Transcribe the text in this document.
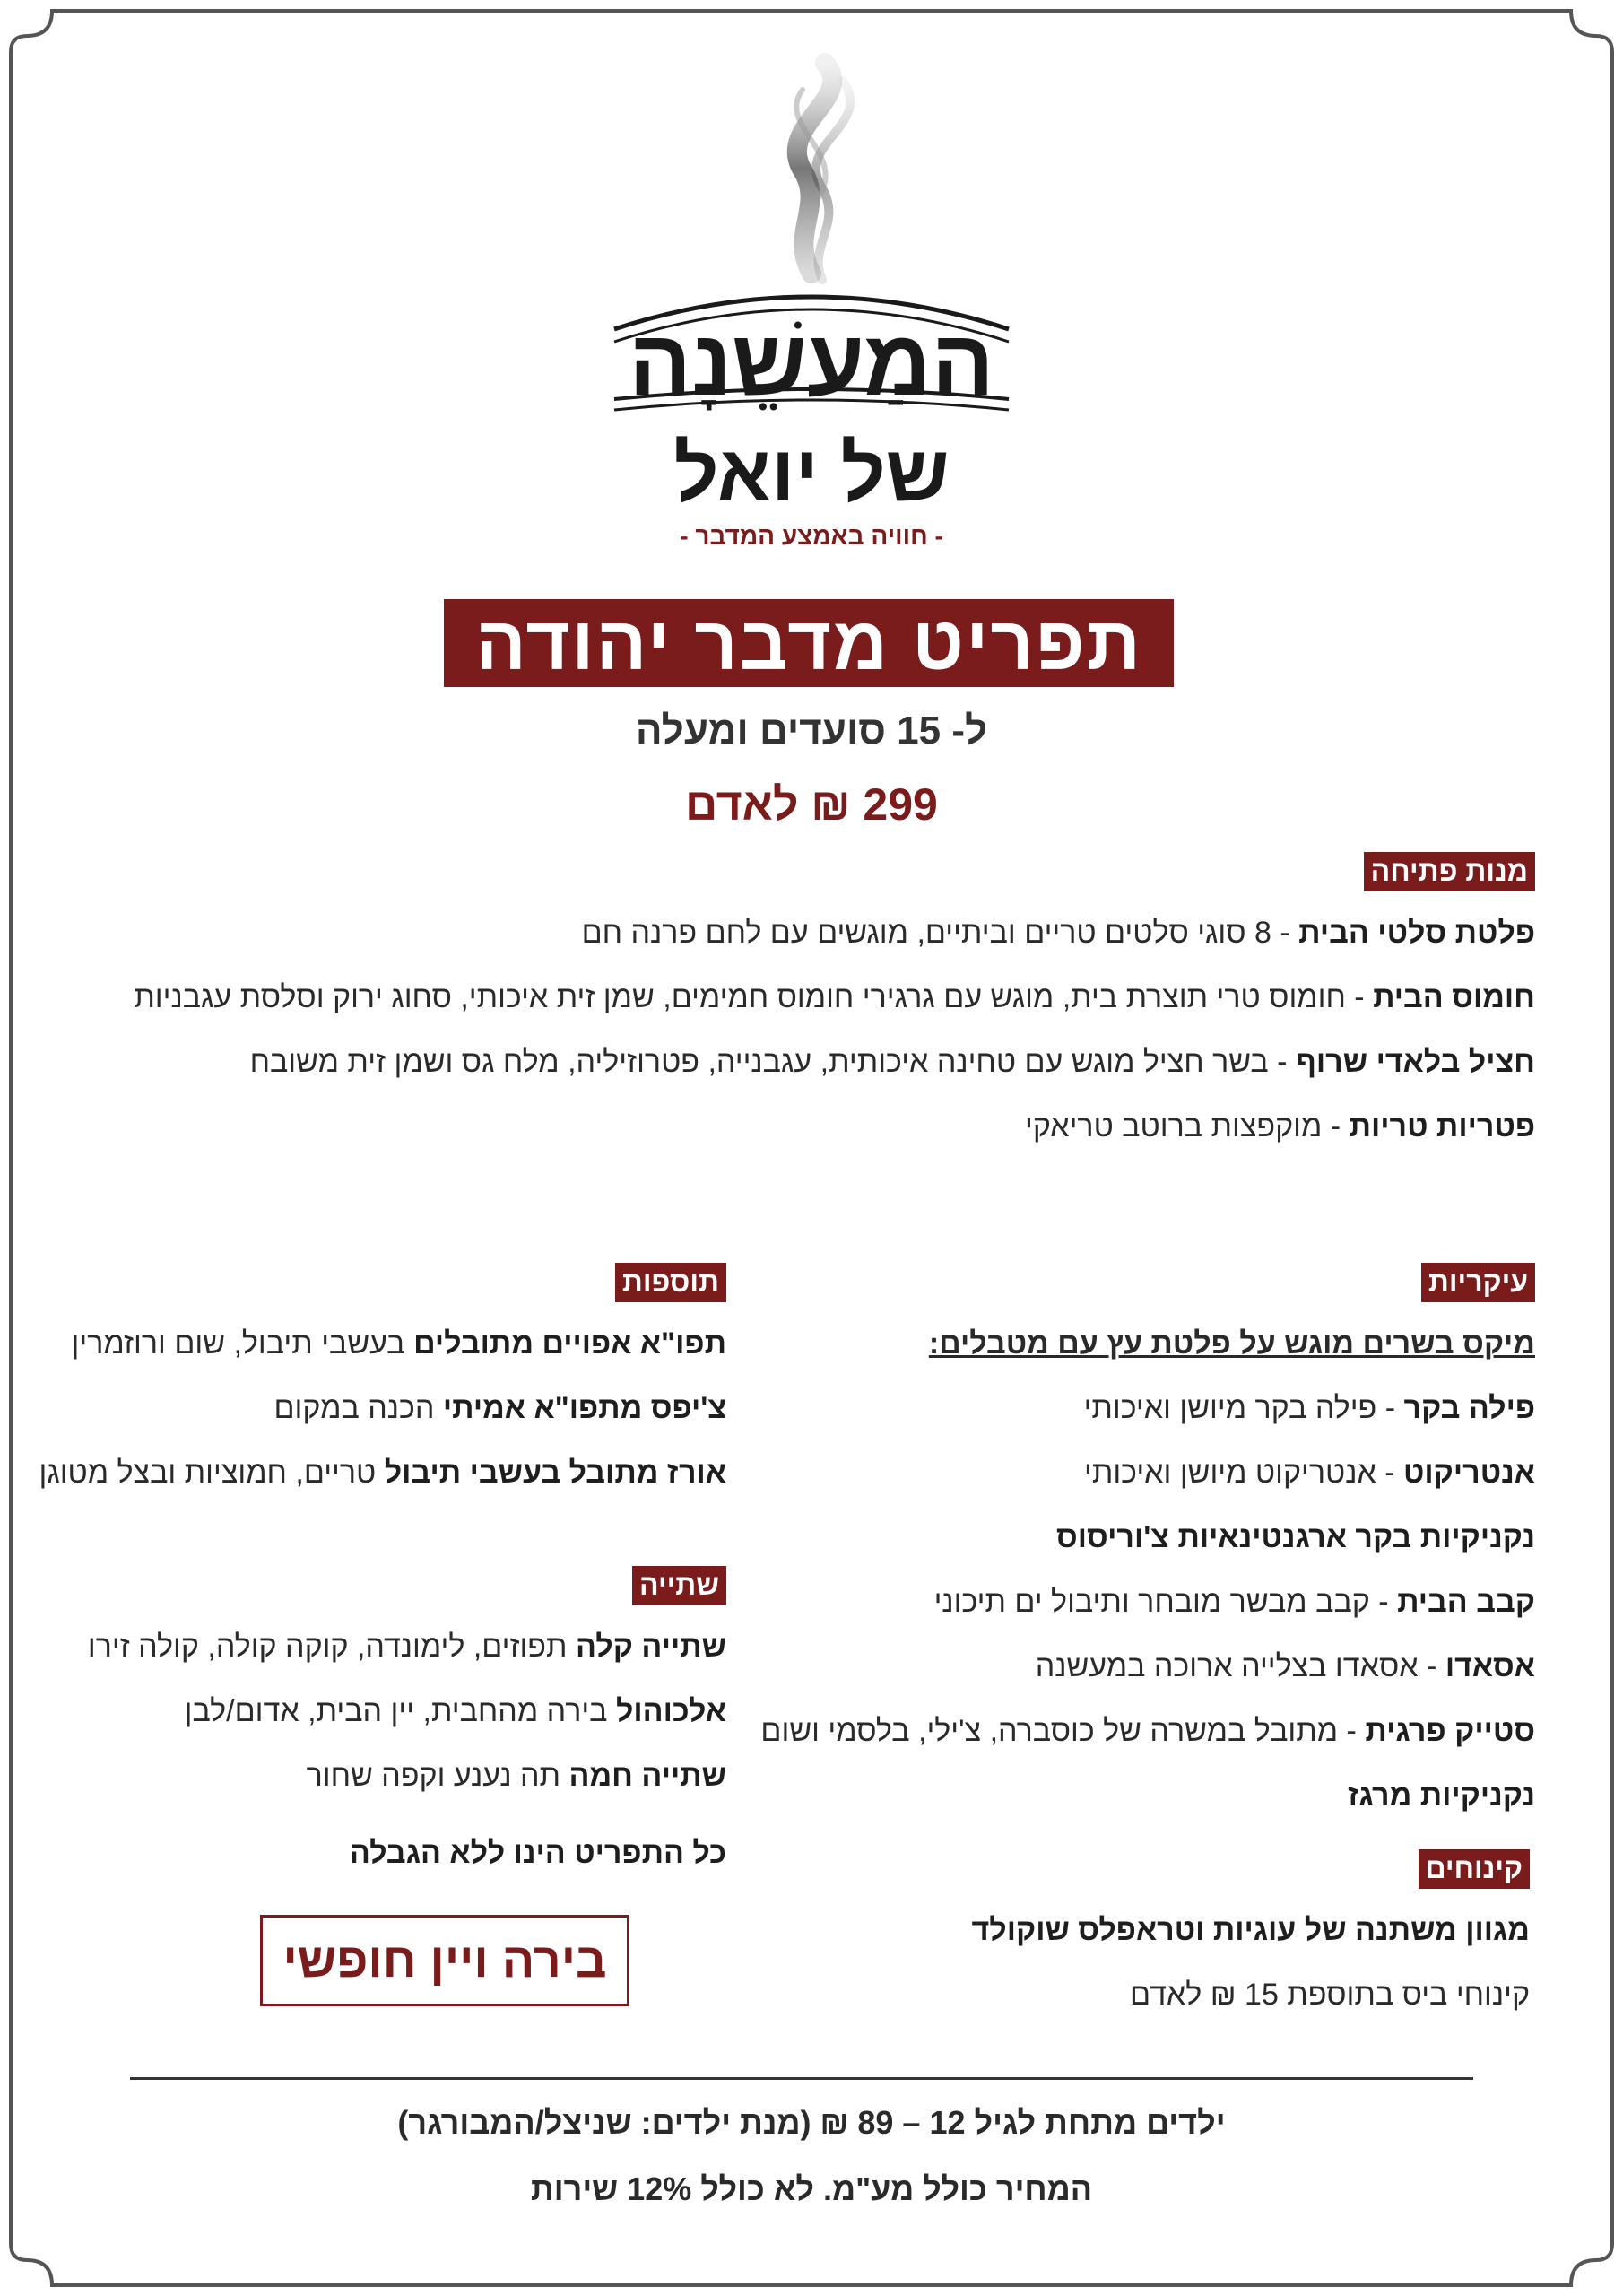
המַעשֵׁנָה
של יואל
- חוויה באמצע המדבר -
תפריט מדבר יהודה
ל- 15 סועדים ומעלה
299 ₪ לאדם
מנות פתיחה
פלטת סלטי הבית - 8 סוגי סלטים טריים וביתיים, מוגשים עם לחם פרנה חם
חומוס הבית - חומוס טרי תוצרת בית, מוגש עם גרגירי חומוס חמימים, שמן זית איכותי, סחוג ירוק וסלסת עגבניות
חציל בלאדי שרוף - בשר חציל מוגש עם טחינה איכותית, עגבנייה, פטרוזיליה, מלח גס ושמן זית משובח
פטריות טריות - מוקפצות ברוטב טריאקי
עיקריות
מיקס בשרים מוגש על פלטת עץ עם מטבלים:
פילה בקר - פילה בקר מיושן ואיכותי
אנטריקוט - אנטריקוט מיושן ואיכותי
נקניקיות בקר ארגנטינאיות צ'וריסוס
קבב הבית - קבב מבשר מובחר ותיבול ים תיכוני
אסאדו - אסאדו בצלייה ארוכה במעשנה
סטייק פרגית - מתובל במשרה של כוסברה, צ'ילי, בלסמי ושום
נקניקיות מרגז
קינוחים
מגוון משתנה של עוגיות וטראפלס שוקולד
קינוחי ביס בתוספת 15 ₪ לאדם
תוספות
תפו"א אפויים מתובלים בעשבי תיבול, שום ורוזמרין
צ'יפס מתפו"א אמיתי הכנה במקום
אורז מתובל בעשבי תיבול טריים, חמוציות ובצל מטוגן
שתייה
שתייה קלה תפוזים, לימונדה, קוקה קולה, קולה זירו
אלכוהול בירה מהחבית, יין הבית, אדום/לבן
שתייה חמה תה נענע וקפה שחור
כל התפריט הינו ללא הגבלה
בירה ויין חופשי
ילדים מתחת לגיל 12 – 89 ₪ (מנת ילדים: שניצל/המבורגר)
המחיר כולל מע"מ. לא כולל 12% שירות
